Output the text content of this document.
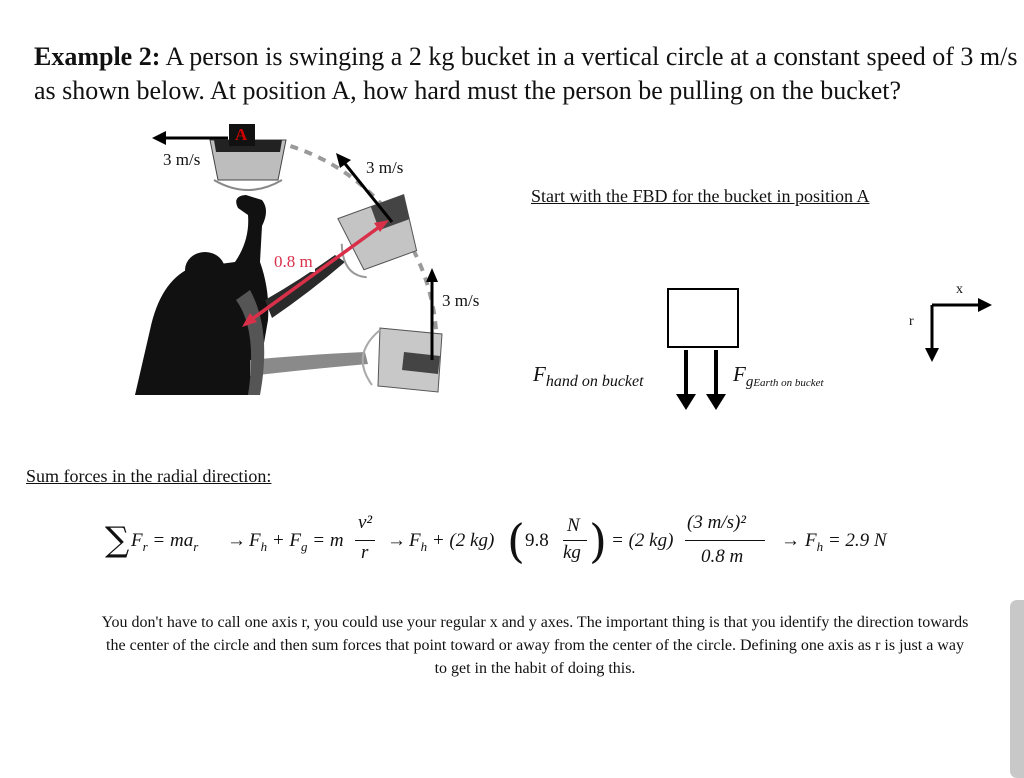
Example 2: A person is swinging a 2 kg bucket in a vertical circle at a constant speed of 3 m/s as shown below. At position A, how hard must the person be pulling on the bucket?

A
3 m/s	3 m/s
3 m/s
0.8 m
Start with the FBD for the bucket in position A
$F_{hand on bucket}$	$F_{gEarth on bucket}$
x
r
Sum forces in the radial direction:
∑ $F_r = ma_r \to F_h + F_g = m$
v²
r
→ $F_h + (2$ kg) ( 9.8
N
kg ) = (2 kg)
(3 m/s)²
0.8 m
→ $F_h = 2.9$ N
You don't have to call one axis r, you could use your regular x and y axes. The important thing is that you identify the direction towards the center of the circle and then sum forces that point toward or away from the center of the circle. Defining one axis as r is just a way to get in the habit of doing this.
